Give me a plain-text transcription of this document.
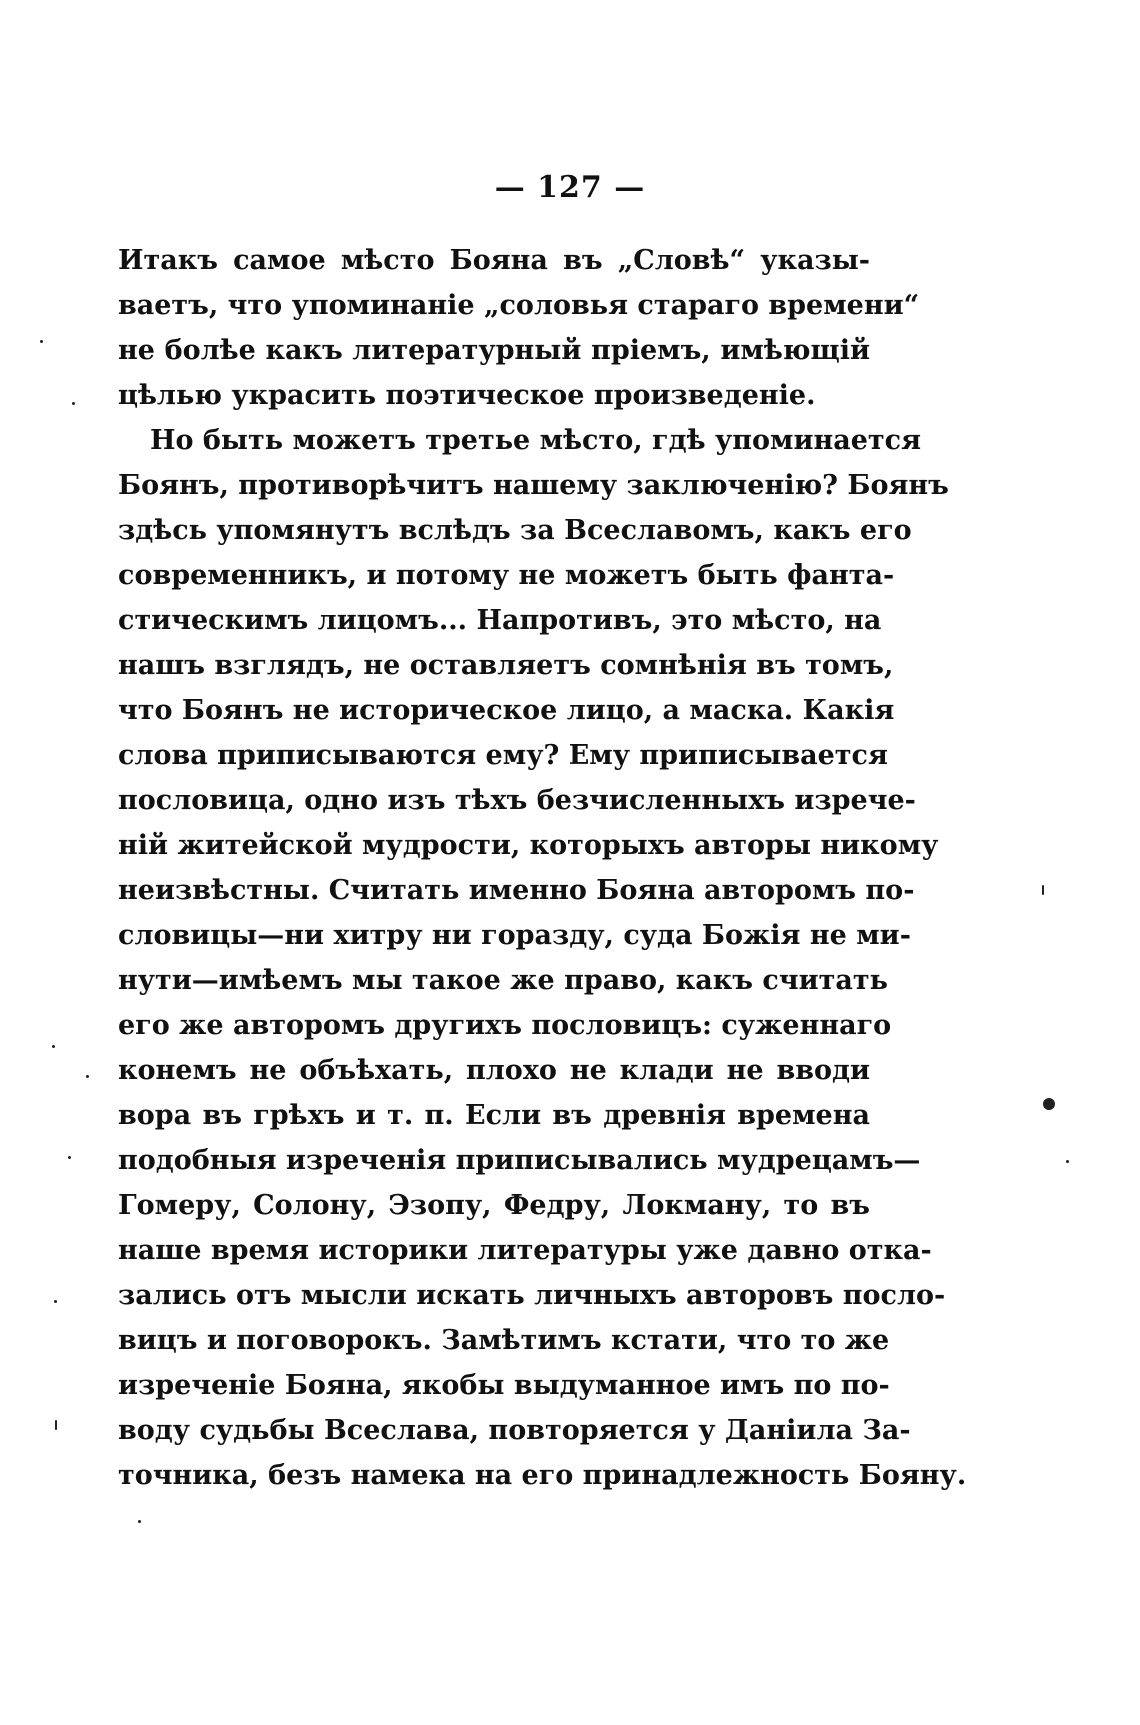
— 127 —
Итакъ самое мѣсто Бояна въ „Словѣ“ указы-
ваетъ, что упоминаніе „соловья стараго времени“
не болѣе какъ литературный пріемъ, имѣющій
цѣлью украсить поэтическое произведеніе.
Но быть можетъ третье мѣсто, гдѣ упоминается
Боянъ, противорѣчитъ нашему заключенію? Боянъ
здѣсь упомянутъ вслѣдъ за Всеславомъ, какъ его
современникъ, и потому не можетъ быть фанта-
стическимъ лицомъ... Напротивъ, это мѣсто, на
нашъ взглядъ, не оставляетъ сомнѣнія въ томъ,
что Боянъ не историческое лицо, а маска. Какія
слова приписываются ему? Ему приписывается
пословица, одно изъ тѣхъ безчисленныхъ изрече-
ній житейской мудрости, которыхъ авторы никому
неизвѣстны. Считать именно Бояна авторомъ по-
словицы—ни хитру ни горазду, суда Божія не ми-
нути—имѣемъ мы такое же право, какъ считать
его же авторомъ другихъ пословицъ: суженнаго
конемъ не объѣхать, плохо не клади не вводи
вора въ грѣхъ и т. п. Если въ древнія времена
подобныя изреченія приписывались мудрецамъ—
Гомеру, Солону, Эзопу, Федру, Локману, то въ
наше время историки литературы уже давно отка-
зались отъ мысли искать личныхъ авторовъ посло-
вицъ и поговорокъ. Замѣтимъ кстати, что то же
изреченіе Бояна, якобы выдуманное имъ по по-
воду судьбы Всеслава, повторяется у Даніила За-
точника, безъ намека на его принадлежность Бояну.
